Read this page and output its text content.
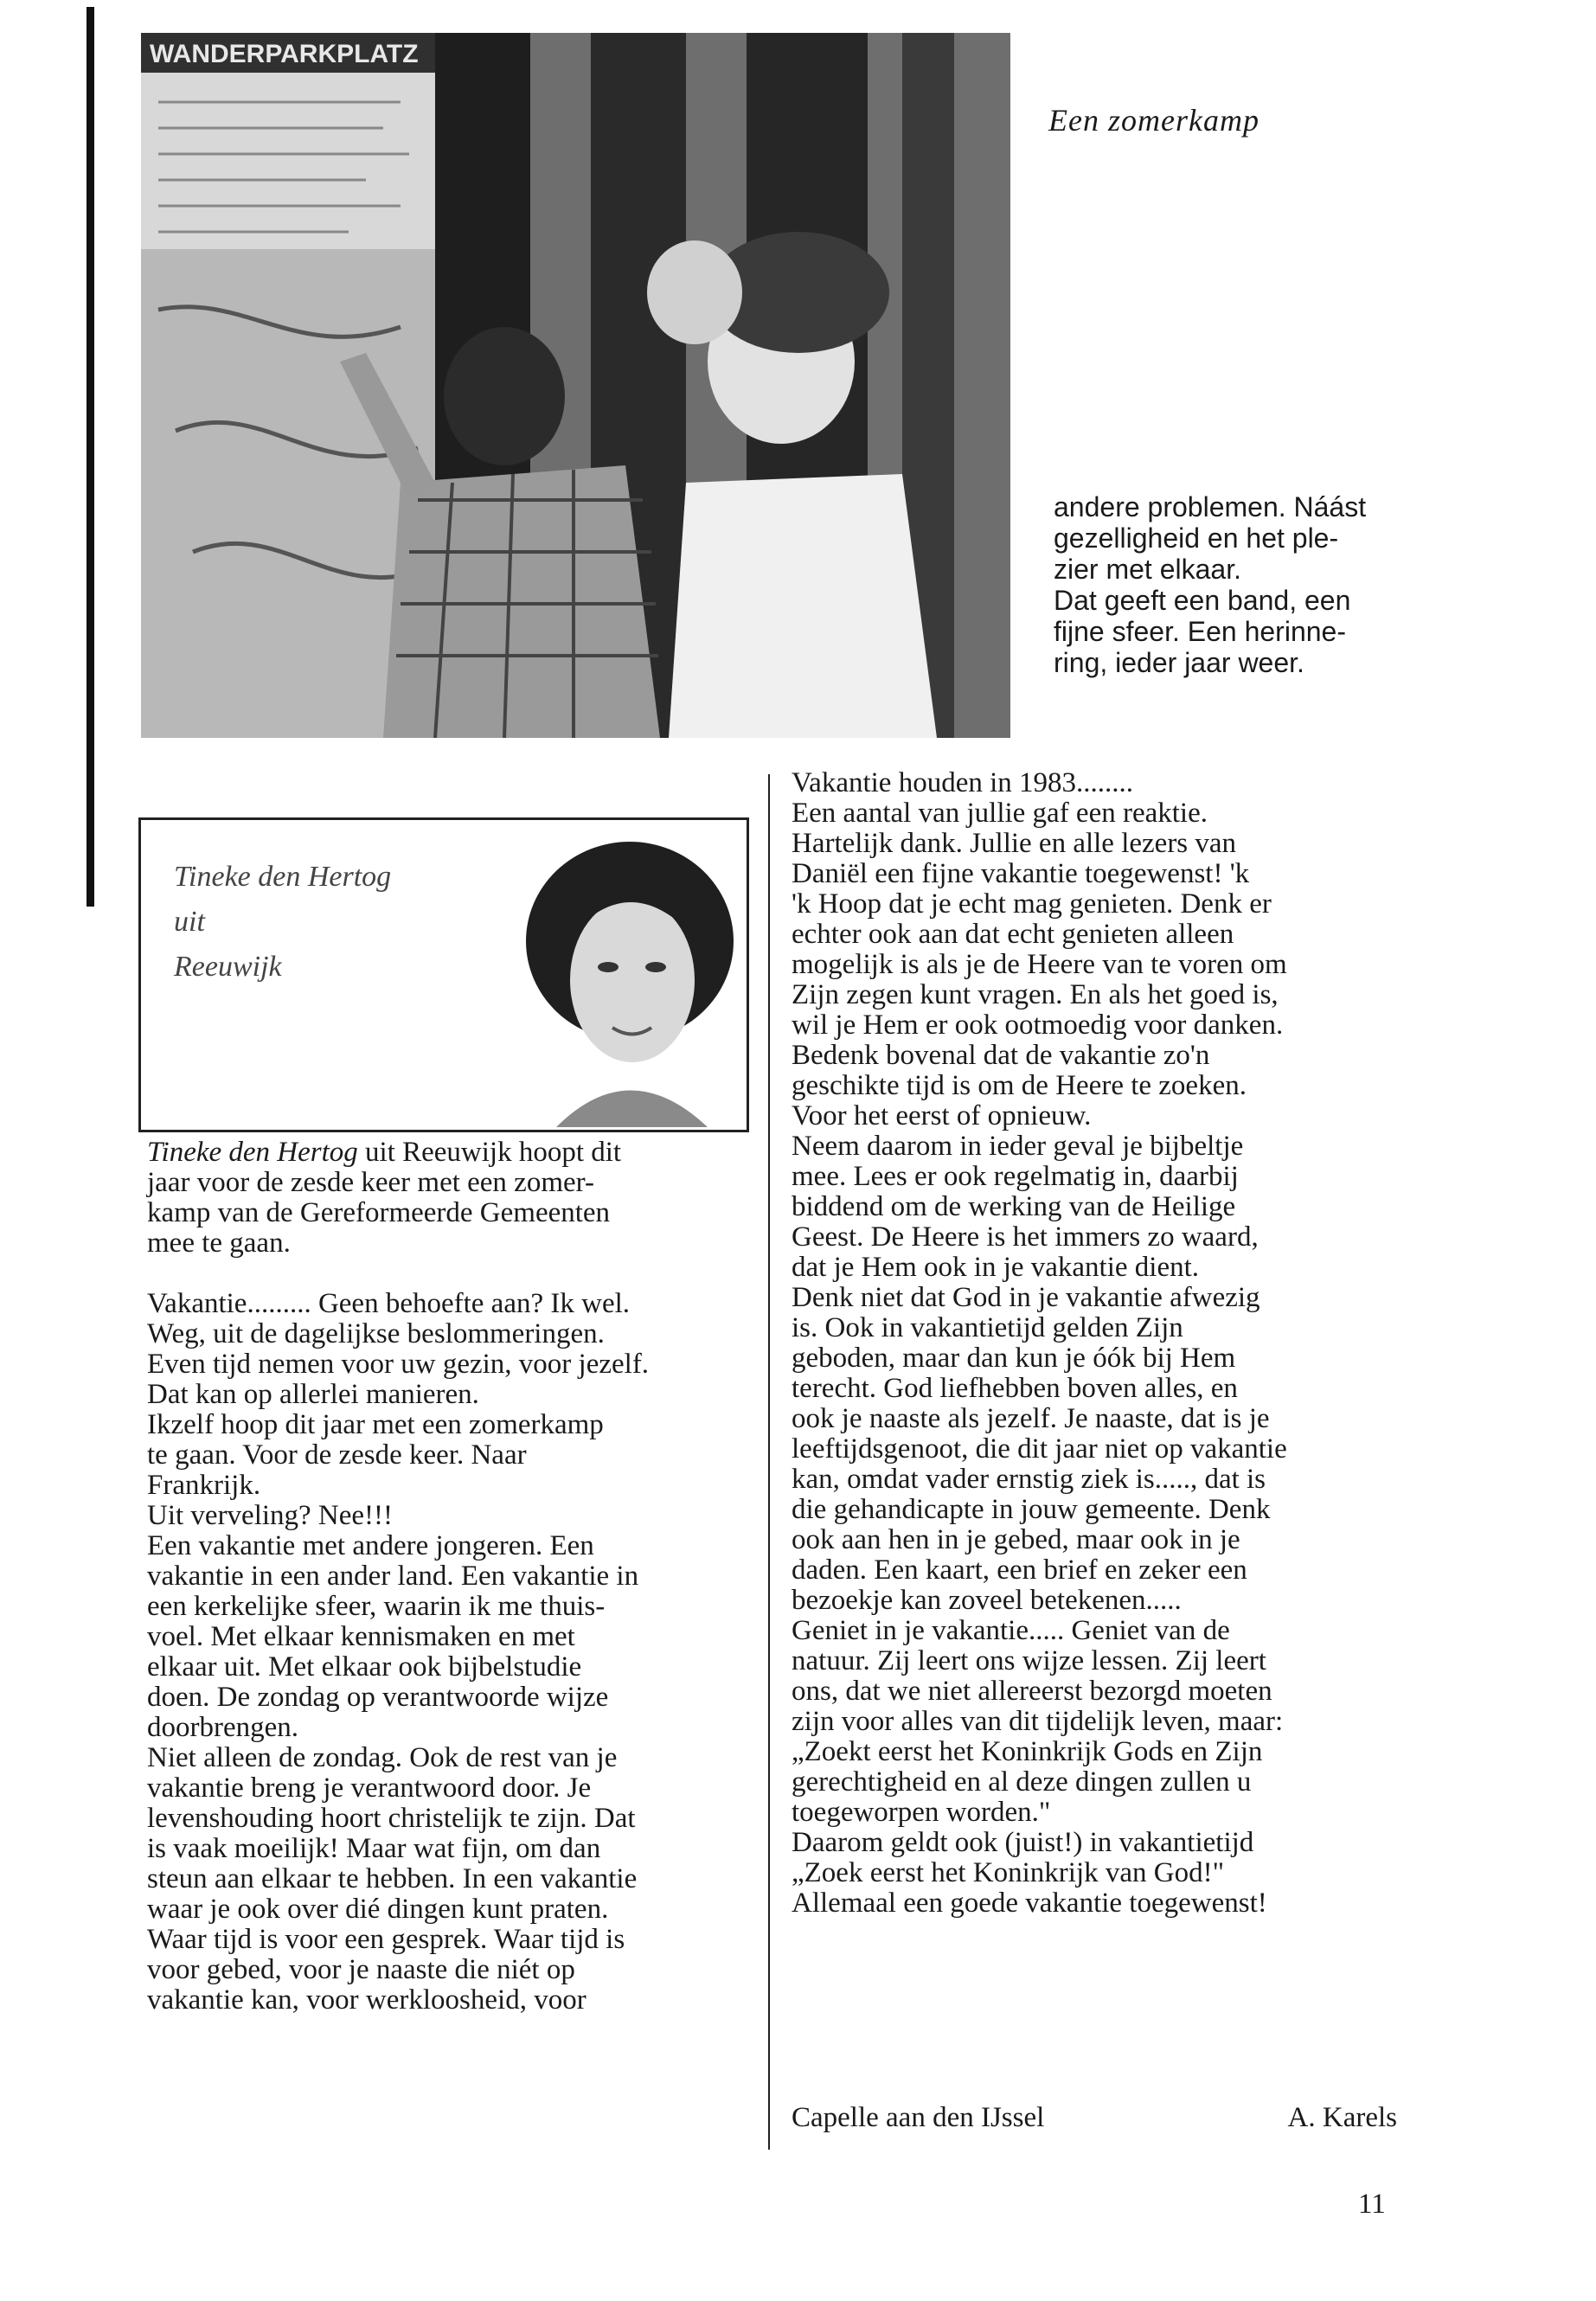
WANDERPARKPLATZ
Een zomerkamp
andere problemen. Náást
gezelligheid en het ple-
zier met elkaar.
Dat geeft een band, een
fijne sfeer. Een herinne-
ring, ieder jaar weer.
Tineke den Hertog
uit
Reeuwijk
Tineke den Hertog uit Reeuwijk hoopt dit
jaar voor de zesde keer met een zomer-
kamp van de Gereformeerde Gemeenten
mee te gaan.
Vakantie......... Geen behoefte aan? Ik wel.
Weg, uit de dagelijkse beslommeringen.
Even tijd nemen voor uw gezin, voor jezelf.
Dat kan op allerlei manieren.
Ikzelf hoop dit jaar met een zomerkamp
te gaan. Voor de zesde keer. Naar
Frankrijk.
Uit verveling? Nee!!!
Een vakantie met andere jongeren. Een
vakantie in een ander land. Een vakantie in
een kerkelijke sfeer, waarin ik me thuis-
voel. Met elkaar kennismaken en met
elkaar uit. Met elkaar ook bijbelstudie
doen. De zondag op verantwoorde wijze
doorbrengen.
Niet alleen de zondag. Ook de rest van je
vakantie breng je verantwoord door. Je
levenshouding hoort christelijk te zijn. Dat
is vaak moeilijk! Maar wat fijn, om dan
steun aan elkaar te hebben. In een vakantie
waar je ook over dié dingen kunt praten.
Waar tijd is voor een gesprek. Waar tijd is
voor gebed, voor je naaste die niét op
vakantie kan, voor werkloosheid, voor
Vakantie houden in 1983........
Een aantal van jullie gaf een reaktie.
Hartelijk dank. Jullie en alle lezers van
Daniël een fijne vakantie toegewenst! 'k
'k Hoop dat je echt mag genieten. Denk er
echter ook aan dat echt genieten alleen
mogelijk is als je de Heere van te voren om
Zijn zegen kunt vragen. En als het goed is,
wil je Hem er ook ootmoedig voor danken.
Bedenk bovenal dat de vakantie zo'n
geschikte tijd is om de Heere te zoeken.
Voor het eerst of opnieuw.
Neem daarom in ieder geval je bijbeltje
mee. Lees er ook regelmatig in, daarbij
biddend om de werking van de Heilige
Geest. De Heere is het immers zo waard,
dat je Hem ook in je vakantie dient.
Denk niet dat God in je vakantie afwezig
is. Ook in vakantietijd gelden Zijn
geboden, maar dan kun je óók bij Hem
terecht. God liefhebben boven alles, en
ook je naaste als jezelf. Je naaste, dat is je
leeftijdsgenoot, die dit jaar niet op vakantie
kan, omdat vader ernstig ziek is....., dat is
die gehandicapte in jouw gemeente. Denk
ook aan hen in je gebed, maar ook in je
daden. Een kaart, een brief en zeker een
bezoekje kan zoveel betekenen.....
Geniet in je vakantie..... Geniet van de
natuur. Zij leert ons wijze lessen. Zij leert
ons, dat we niet allereerst bezorgd moeten
zijn voor alles van dit tijdelijk leven, maar:
„Zoekt eerst het Koninkrijk Gods en Zijn
gerechtigheid en al deze dingen zullen u
toegeworpen worden."
Daarom geldt ook (juist!) in vakantietijd
„Zoek eerst het Koninkrijk van God!"
Allemaal een goede vakantie toegewenst!
Capelle aan den IJssel	A. Karels
11
